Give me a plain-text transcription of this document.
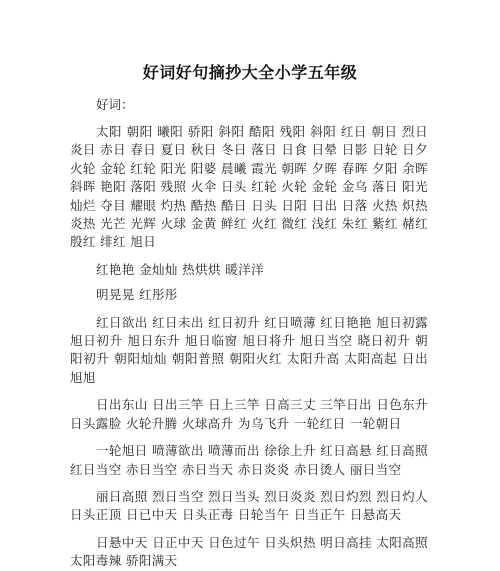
好词好句摘抄大全小学五年级

好词：

太阳 朝阳 曦阳 骄阳 斜阳 酷阳 残阳 斜阳 红日 朝日 烈日 炎日 赤日 春日 夏日 秋日 冬日 落日 日食 日晕 日影 日轮 日夕 火轮 金轮 红轮 阳光 阳婆 晨曦 霞光 朝晖 夕晖 春晖 夕阳 余晖 斜晖 艳阳 落阳 残照 火伞 日头 红轮 火轮 金轮 金乌 落日 阳光 灿烂 夺目 耀眼 灼热 酷热 酷日 日头 日阳 日出 日落 火热 炽热 炎热 光芒 光辉 火球 金黄 鲜红 火红 微红 浅红 朱红 紫红 赭红 殷红 绯红 旭日

红艳艳 金灿灿 热烘烘 暖洋洋

明晃晃 红彤彤

红日欲出 红日未出 红日初升 红日喷薄 红日艳艳 旭日初露 旭日初升 旭日东升 旭日临窗 旭日将升 旭日当空 晓日初升 朝阳初升 朝阳灿灿 朝阳普照 朝阳火红 太阳升高 太阳高起 日出旭旭

日出东山 日出三竿 日上三竿 日高三丈 三竿日出 日色东升 日头露脸 火轮升腾 火球高升 为乌飞升 一轮红日 一轮朝日

一轮旭日 喷薄欲出 喷薄而出 徐徐上升 红日高悬 红日高照 红日当空 赤日当空 赤日当天 赤日炎炎 赤日烫人 丽日当空

丽日高照 烈日当空 烈日当头 烈日炎炎 烈日灼烈 烈日灼人 日头正顶 日已中天 日头正毒 日轮当午 日当正午 日悬高天

日悬中天 日正中天 日色过午 日头炽热 明日高挂 太阳高照 太阳毒辣 骄阳满天
